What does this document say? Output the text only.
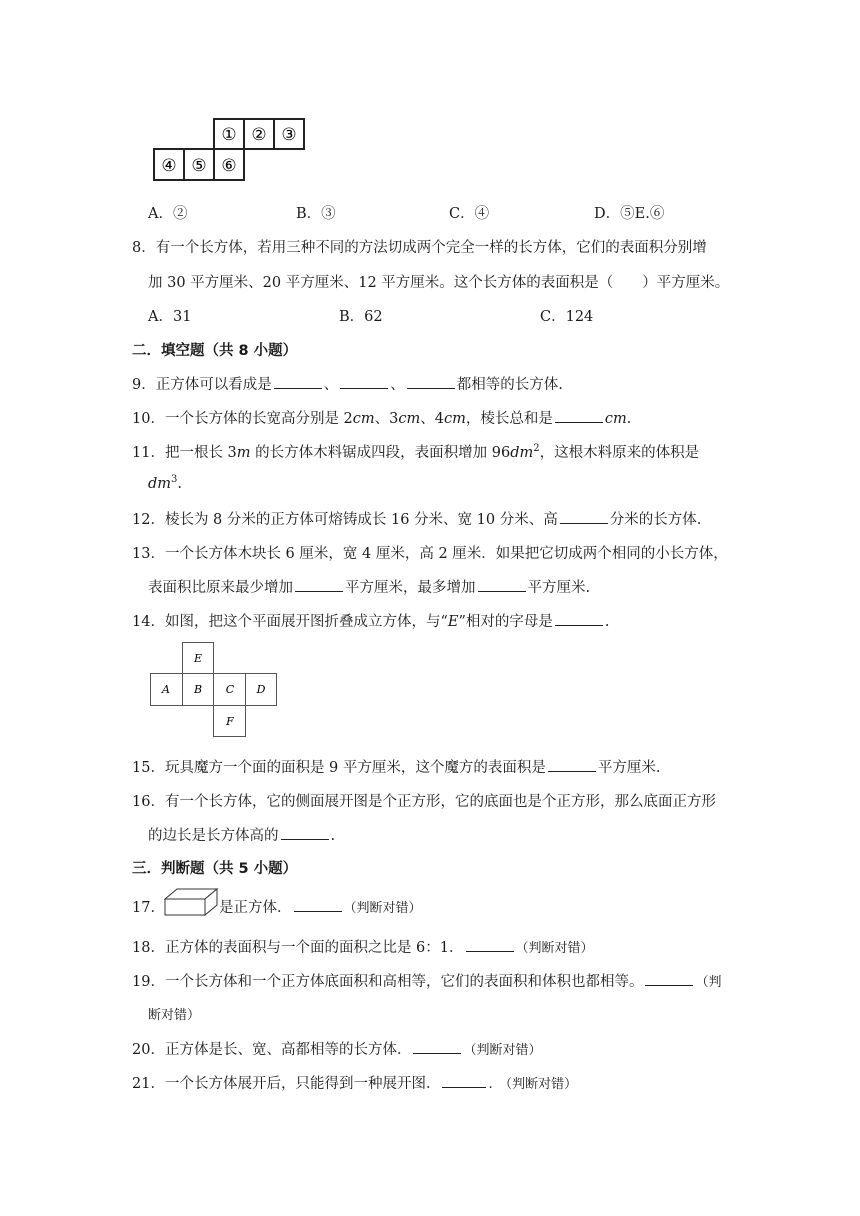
① ② ③
④ ⑤ ⑥
A．②	B．③	C．④	D．⑤E.⑥
8．有一个长方体，若用三种不同的方法切成两个完全一样的长方体，它们的表面积分别增
加 30 平方厘米、20 平方厘米、12 平方厘米。这个长方体的表面积是（　　）平方厘米。
A．31	B．62	C．124
二．填空题（共 8 小题）
9．正方体可以看成是	、	、	都相等的长方体.
10．一个长方体的长宽高分别是 2cm、3cm、4cm，棱长总和是	cm.
11．把一根长 3m 的长方体木料锯成四段，表面积增加 $96dm^2$，这根木料原来的体积是
$dm^3$.
12．棱长为 8 分米的正方体可熔铸成长 16 分米、宽 10 分米、高	分米的长方体.
13．一个长方体木块长 6 厘米，宽 4 厘米，高 2 厘米．如果把它切成两个相同的小长方体，
表面积比原来最少增加	平方厘米，最多增加	平方厘米.
14．如图，把这个平面展开图折叠成立方体，与“E”相对的字母是	.
E
A B C D
F
15．玩具魔方一个面的面积是 9 平方厘米，这个魔方的表面积是	平方厘米.
16．有一个长方体，它的侧面展开图是个正方形，它的底面也是个正方形，那么底面正方形
的边长是长方体高的	.
三．判断题（共 5 小题）
17．	是正方体．	（判断对错）
18．正方体的表面积与一个面的面积之比是 6：1．	（判断对错）
19．一个长方体和一个正方体底面积和高相等，它们的表面积和体积也都相等。	（判
断对错）
20．正方体是长、宽、高都相等的长方体．	（判断对错）
21．一个长方体展开后，只能得到一种展开图．	.　（判断对错）
